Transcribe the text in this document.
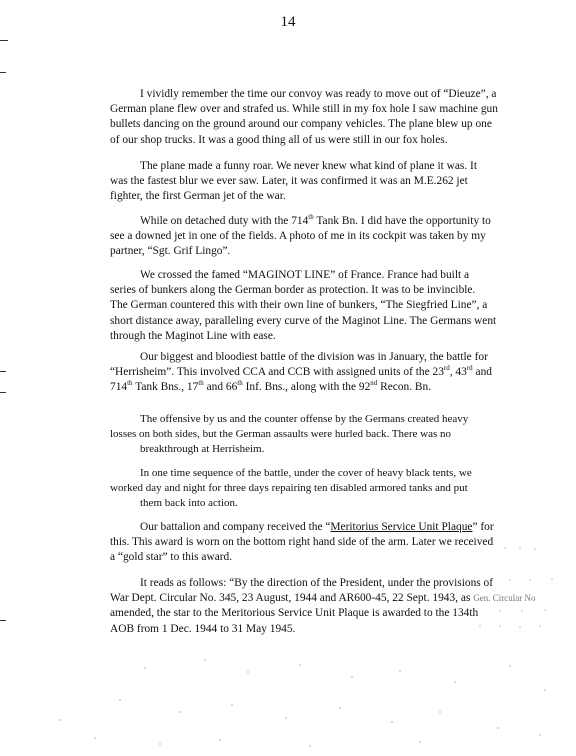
14
I vividly remember the time our convoy was ready to move out of “Dieuze”, a
German plane flew over and strafed us. While still in my fox hole I saw machine gun
bullets dancing on the ground around our company vehicles. The plane blew up one
of our shop trucks. It was a good thing all of us were still in our fox holes.
The plane made a funny roar. We never knew what kind of plane it was. It
was the fastest blur we ever saw. Later, it was confirmed it was an M.E.262 jet
fighter, the first German jet of the war.
While on detached duty with the 714th Tank Bn. I did have the opportunity to
see a downed jet in one of the fields. A photo of me in its cockpit was taken by my
partner, “Sgt. Grif Lingo”.
We crossed the famed “MAGINOT LINE” of France. France had built a
series of bunkers along the German border as protection. It was to be invincible.
The German countered this with their own line of bunkers, “The Siegfried Line”, a
short distance away, paralleling every curve of the Maginot Line. The Germans went
through the Maginot Line with ease.
Our biggest and bloodiest battle of the division was in January, the battle for
“Herrisheim”. This involved CCA and CCB with assigned units of the 23rd, 43rd and
714th Tank Bns., 17th and 66th Inf. Bns., along with the 92nd Recon. Bn.
The offensive by us and the counter offense by the Germans created heavy
losses on both sides, but the German assaults were hurled back. There was no
breakthrough at Herrisheim.
In one time sequence of the battle, under the cover of heavy black tents, we
worked day and night for three days repairing ten disabled armored tanks and put
them back into action.
Our battalion and company received the “Meritorius Service Unit Plaque” for
this. This award is worn on the bottom right hand side of the arm. Later we received
a “gold star” to this award.
It reads as follows: “By the direction of the President, under the provisions of
War Dept. Circular No. 345, 23 August, 1944 and AR600-45, 22 Sept. 1943, as Gen. Circular No
amended, the star to the Meritorious Service Unit Plaque is awarded to the 134th
AOB from 1 Dec. 1944 to 31 May 1945.
